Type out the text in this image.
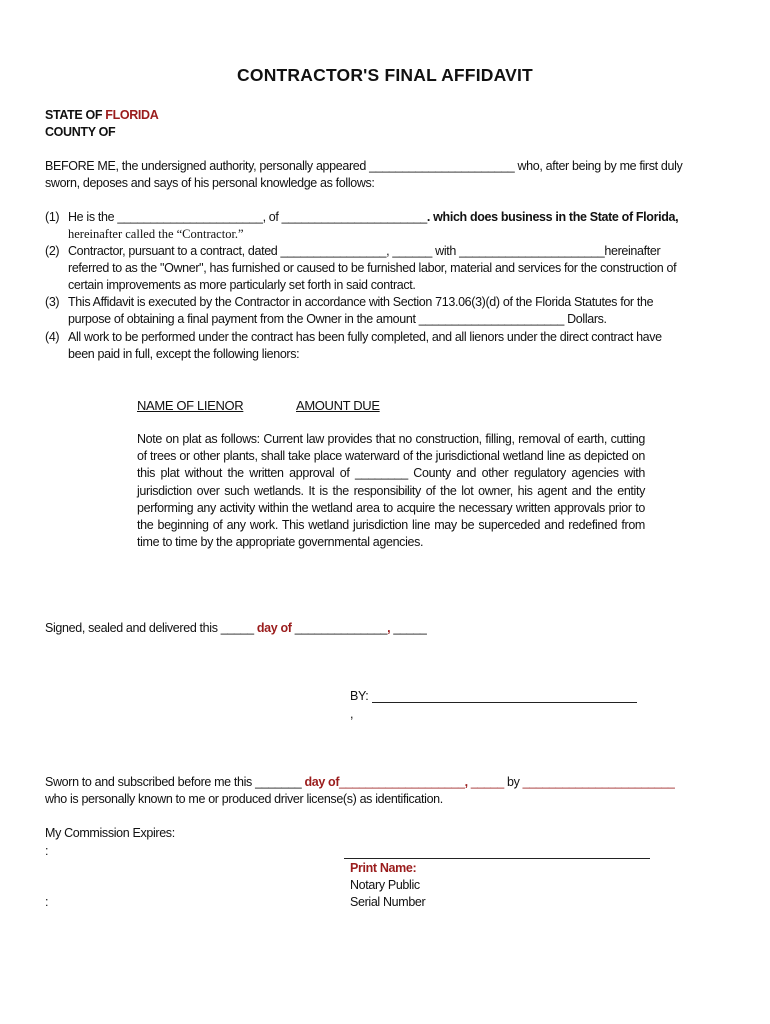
CONTRACTOR'S FINAL AFFIDAVIT
STATE OF FLORIDA
COUNTY OF
BEFORE ME, the undersigned authority, personally appeared ______________________ who, after being by me first duly
sworn, deposes and says of his personal knowledge as follows:
(1) He is the ______________________, of ______________________. which does business in the State of Florida,
hereinafter called the “Contractor.”
(2) Contractor, pursuant to a contract, dated ________________, ______ with ______________________hereinafter
referred to as the "Owner", has furnished or caused to be furnished labor, material and services for the construction of
certain improvements as more particularly set forth in said contract.
(3) This Affidavit is executed by the Contractor in accordance with Section 713.06(3)(d) of the Florida Statutes for the
purpose of obtaining a final payment from the Owner in the amount ______________________ Dollars.
(4) All work to be performed under the contract has been fully completed, and all lienors under the direct contract have
been paid in full, except the following lienors:
NAME OF LIENOR	AMOUNT DUE
Note on plat as follows: Current law provides that no construction, filling, removal of earth, cutting of trees or other plants, shall take place waterward of the jurisdictional wetland line as depicted on this plat without the written approval of ________ County and other regulatory agencies with jurisdiction over such wetlands. It is the responsibility of the lot owner, his agent and the entity performing any activity within the wetland area to acquire the necessary written approvals prior to the beginning of any work. This wetland jurisdiction line may be superceded and redefined from time to time by the appropriate governmental agencies.
Signed, sealed and delivered this _____ day of ______________, _____
BY:
,
Sworn to and subscribed before me this _______ day of___________________, _____ by _______________________
who is personally known to me or produced driver license(s) as identification.
My Commission Expires:
:
Print Name:
Notary Public
:	Serial Number
